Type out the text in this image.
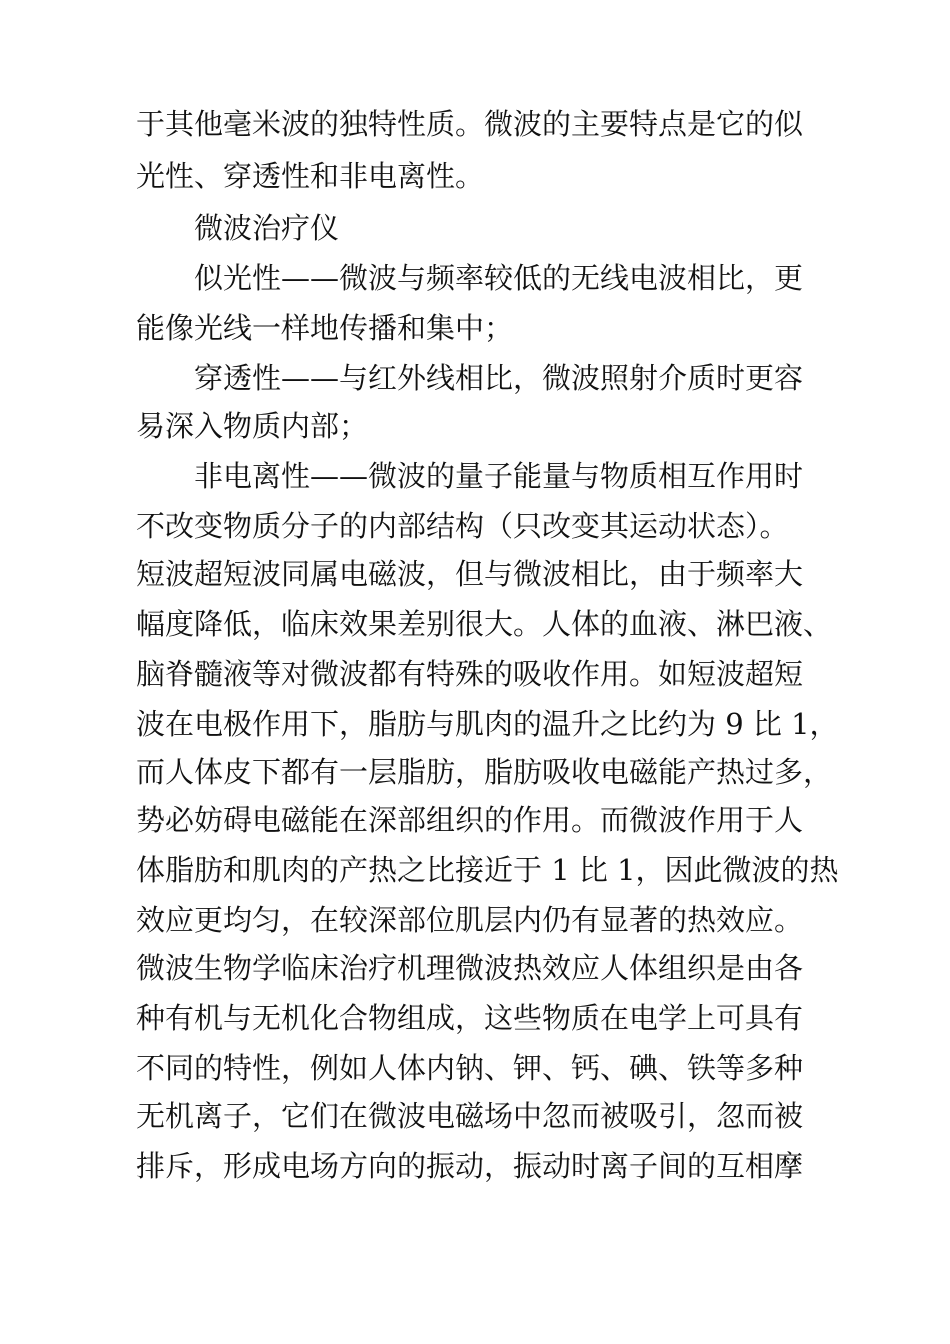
于其他毫米波的独特性质。微波的主要特点是它的似
光性、穿透性和非电离性。
微波治疗仪
似光性——微波与频率较低的无线电波相比，更
能像光线一样地传播和集中；
穿透性——与红外线相比，微波照射介质时更容
易深入物质内部；
非电离性——微波的量子能量与物质相互作用时
不改变物质分子的内部结构（只改变其运动状态）。
短波超短波同属电磁波，但与微波相比，由于频率大
幅度降低，临床效果差别很大。人体的血液、淋巴液、
脑脊髓液等对微波都有特殊的吸收作用。如短波超短
波在电极作用下，脂肪与肌肉的温升之比约为 9 比 1，
而人体皮下都有一层脂肪，脂肪吸收电磁能产热过多，
势必妨碍电磁能在深部组织的作用。而微波作用于人
体脂肪和肌肉的产热之比接近于 1 比 1，因此微波的热
效应更均匀，在较深部位肌层内仍有显著的热效应。
微波生物学临床治疗机理微波热效应人体组织是由各
种有机与无机化合物组成，这些物质在电学上可具有
不同的特性，例如人体内钠、钾、钙、碘、铁等多种
无机离子，它们在微波电磁场中忽而被吸引，忽而被
排斥，形成电场方向的振动，振动时离子间的互相摩
